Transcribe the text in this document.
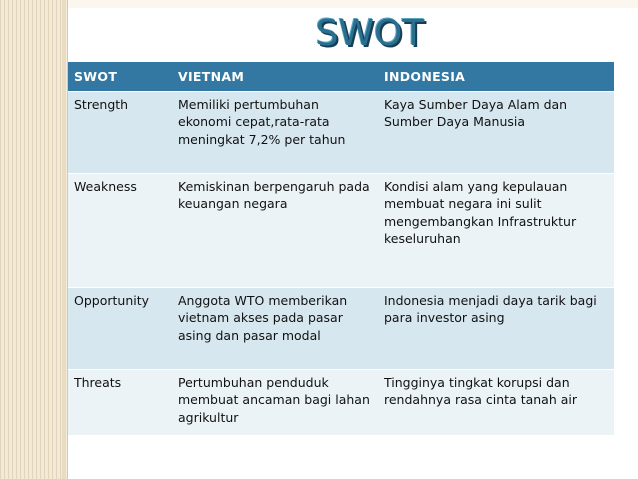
SWOT
SWOT	VIETNAM	INDONESIA
Strength	Memiliki pertumbuhan ekonomi cepat,rata-rata meningkat 7,2% per tahun	Kaya Sumber Daya Alam dan Sumber Daya Manusia
Weakness	Kemiskinan berpengaruh pada keuangan negara	Kondisi alam yang kepulauan membuat negara ini sulit mengembangkan Infrastruktur keseluruhan
Opportunity	Anggota WTO memberikan vietnam akses pada pasar asing dan pasar modal	Indonesia menjadi daya tarik bagi para investor asing
Threats	Pertumbuhan penduduk membuat ancaman bagi lahan agrikultur	Tingginya tingkat korupsi dan rendahnya rasa cinta tanah air
